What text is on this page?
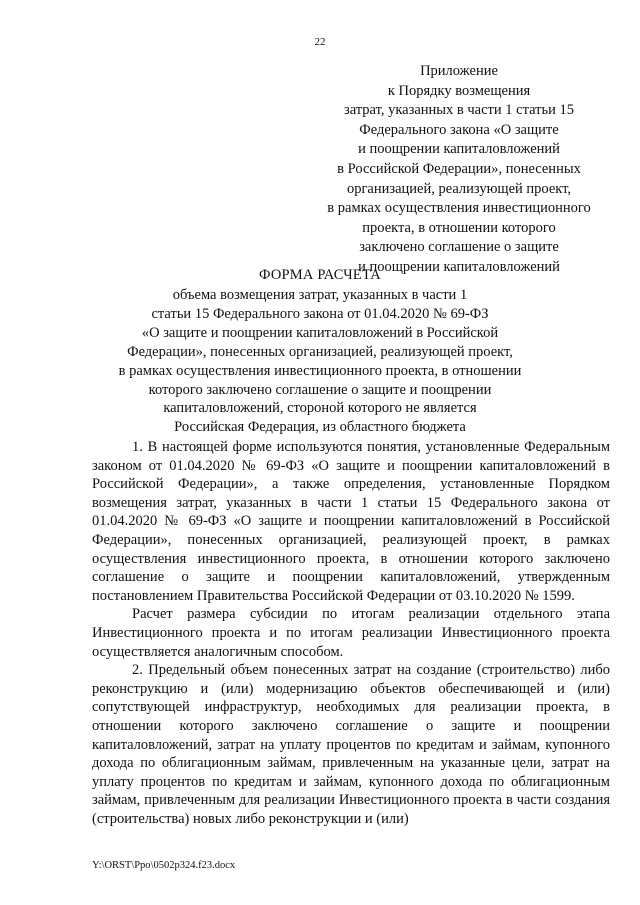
22
Приложение
к Порядку возмещения
затрат, указанных в части 1 статьи 15
Федерального закона «О защите
и поощрении капиталовложений
в Российской Федерации», понесенных
организацией, реализующей проект,
в рамках осуществления инвестиционного
проекта, в отношении которого
заключено соглашение о защите
и поощрении капиталовложений
ФОРМА РАСЧЕТА
объема возмещения затрат, указанных в части 1
статьи 15 Федерального закона от 01.04.2020 № 69-ФЗ
«О защите и поощрении капиталовложений в Российской
Федерации», понесенных организацией, реализующей проект,
в рамках осуществления инвестиционного проекта, в отношении
которого заключено соглашение о защите и поощрении
капиталовложений, стороной которого не является
Российская Федерация, из областного бюджета

1. В настоящей форме используются понятия, установленные Федеральным законом от 01.04.2020 № 69-ФЗ «О защите и поощрении капиталовложений в Российской Федерации», а также определения, установленные Порядком возмещения затрат, указанных в части 1 статьи 15 Федерального закона от 01.04.2020 № 69-ФЗ «О защите и поощрении капиталовложений в Российской Федерации», понесенных организацией, реализующей проект, в рамках осуществления инвестиционного проекта, в отношении которого заключено соглашение о защите и поощрении капиталовложений, утвержденным постановлением Правительства Российской Федерации от 03.10.2020 № 1599.

Расчет размера субсидии по итогам реализации отдельного этапа Инвестиционного проекта и по итогам реализации Инвестиционного проекта осуществляется аналогичным способом.

2. Предельный объем понесенных затрат на создание (строительство) либо реконструкцию и (или) модернизацию объектов обеспечивающей и (или) сопутствующей инфраструктур, необходимых для реализации проекта, в отношении которого заключено соглашение о защите и поощрении капиталовложений, затрат на уплату процентов по кредитам и займам, купонного дохода по облигационным займам, привлеченным на указанные цели, затрат на уплату процентов по кредитам и займам, купонного дохода по облигационным займам, привлеченным для реализации Инвестиционного проекта в части создания (строительства) новых либо реконструкции и (или)

Y:\ORST\Ppo\0502p324.f23.docx
